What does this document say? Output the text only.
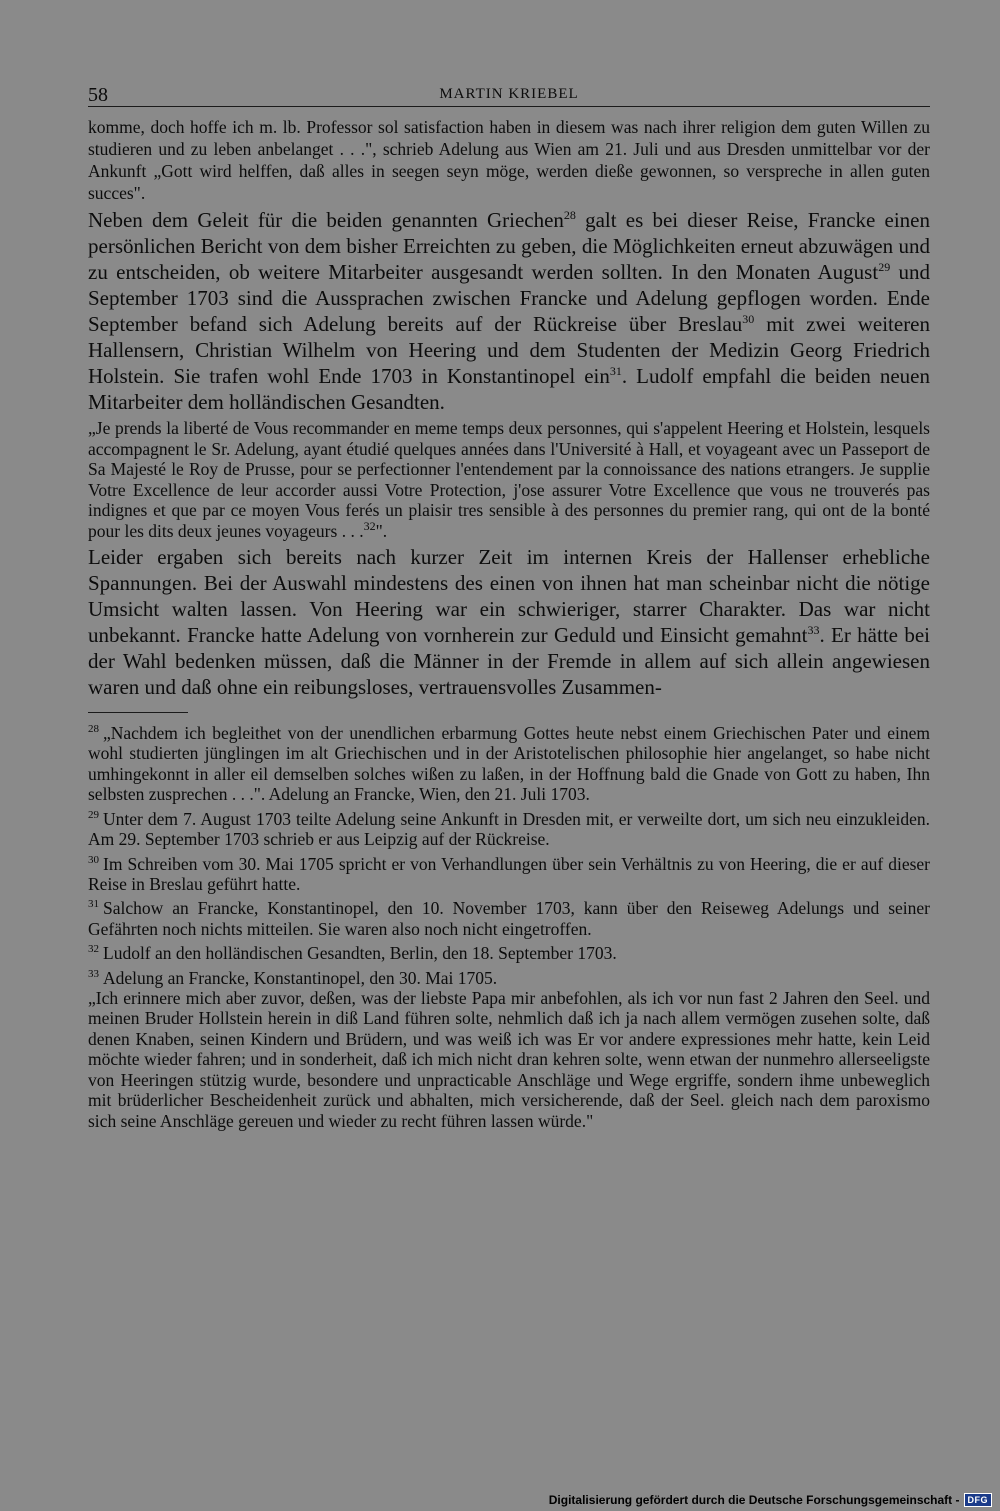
58	MARTIN KRIEBEL

komme, doch hoffe ich m. lb. Professor sol satisfaction haben in diesem was nach ihrer religion dem guten Willen zu studieren und zu leben anbelanget . . .", schrieb Adelung aus Wien am 21. Juli und aus Dresden unmittelbar vor der Ankunft „Gott wird helffen, daß alles in seegen seyn möge, werden dieße gewonnen, so verspreche in allen guten succes".

Neben dem Geleit für die beiden genannten Griechen$^{28}$ galt es bei dieser Reise, Francke einen persönlichen Bericht von dem bisher Erreichten zu geben, die Möglichkeiten erneut abzuwägen und zu entscheiden, ob weitere Mitarbeiter ausgesandt werden sollten. In den Monaten August$^{29}$ und September 1703 sind die Aussprachen zwischen Francke und Adelung gepflogen worden. Ende September befand sich Adelung bereits auf der Rückreise über Breslau$^{30}$ mit zwei weiteren Hallensern, Christian Wilhelm von Heering und dem Studenten der Medizin Georg Friedrich Holstein. Sie trafen wohl Ende 1703 in Konstantinopel ein$^{31}$. Ludolf empfahl die beiden neuen Mitarbeiter dem holländischen Gesandten.

„Je prends la liberté de Vous recommander en meme temps deux personnes, qui s'appelent Heering et Holstein, lesquels accompagnent le Sr. Adelung, ayant étudié quelques années dans l'Université à Hall, et voyageant avec un Passeport de Sa Majesté le Roy de Prusse, pour se perfectionner l'entendement par la connoissance des nations etrangers. Je supplie Votre Excellence de leur accorder aussi Votre Protection, j'ose assurer Votre Excellence que vous ne trouverés pas indignes et que par ce moyen Vous ferés un plaisir tres sensible à des personnes du premier rang, qui ont de la bonté pour les dits deux jeunes voyageurs . . .$^{32}$".

Leider ergaben sich bereits nach kurzer Zeit im internen Kreis der Hallenser erhebliche Spannungen. Bei der Auswahl mindestens des einen von ihnen hat man scheinbar nicht die nötige Umsicht walten lassen. Von Heering war ein schwieriger, starrer Charakter. Das war nicht unbekannt. Francke hatte Adelung von vornherein zur Geduld und Einsicht gemahnt$^{33}$. Er hätte bei der Wahl bedenken müssen, daß die Männer in der Fremde in allem auf sich allein angewiesen waren und daß ohne ein reibungsloses, vertrauensvolles Zusammen-

$^{28}$ „Nachdem ich begleithet von der unendlichen erbarmung Gottes heute nebst einem Griechischen Pater und einem wohl studierten jünglingen im alt Griechischen und in der Aristotelischen philosophie hier angelanget, so habe nicht umhingekonnt in aller eil demselben solches wißen zu laßen, in der Hoffnung bald die Gnade von Gott zu haben, Ihn selbsten zusprechen . . .". Adelung an Francke, Wien, den 21. Juli 1703.

$^{29}$ Unter dem 7. August 1703 teilte Adelung seine Ankunft in Dresden mit, er verweilte dort, um sich neu einzukleiden. Am 29. September 1703 schrieb er aus Leipzig auf der Rückreise.

$^{30}$ Im Schreiben vom 30. Mai 1705 spricht er von Verhandlungen über sein Verhältnis zu von Heering, die er auf dieser Reise in Breslau geführt hatte.

$^{31}$ Salchow an Francke, Konstantinopel, den 10. November 1703, kann über den Reiseweg Adelungs und seiner Gefährten noch nichts mitteilen. Sie waren also noch nicht eingetroffen.

$^{32}$ Ludolf an den holländischen Gesandten, Berlin, den 18. September 1703.

$^{33}$ Adelung an Francke, Konstantinopel, den 30. Mai 1705.

„Ich erinnere mich aber zuvor, deßen, was der liebste Papa mir anbefohlen, als ich vor nun fast 2 Jahren den Seel. und meinen Bruder Hollstein herein in diß Land führen solte, nehmlich daß ich ja nach allem vermögen zusehen solte, daß denen Knaben, seinen Kindern und Brüdern, und was weiß ich was Er vor andere expressiones mehr hatte, kein Leid möchte wieder fahren; und in sonderheit, daß ich mich nicht dran kehren solte, wenn etwan der nunmehro allerseeligste von Heeringen stützig wurde, besondere und unpracticable Anschläge und Wege ergriffe, sondern ihme unbeweglich mit brüderlicher Bescheidenheit zurück und abhalten, mich versicherende, daß der Seel. gleich nach dem paroxismo sich seine Anschläge gereuen und wieder zu recht führen lassen würde."

Digitalisierung gefördert durch die Deutsche Forschungsgemeinschaft - DFG
